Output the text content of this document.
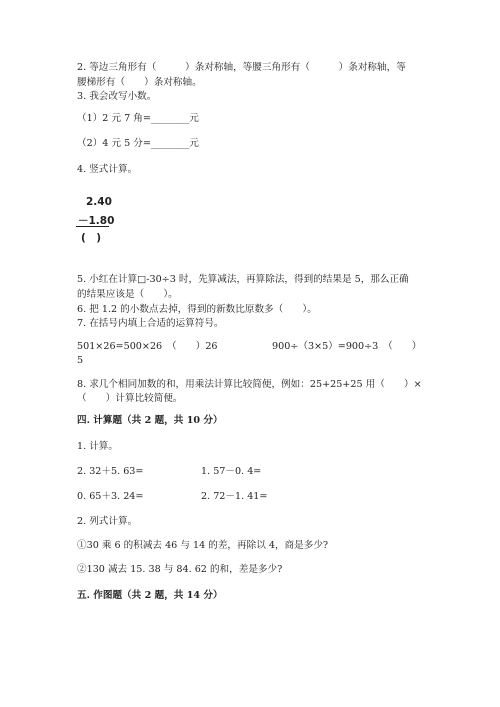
2. 等边三角形有（　　　）条对称轴，等腰三角形有（　　　）条对称轴，等
腰梯形有（　　）条对称轴。
3. 我会改写小数。
（1）2 元 7 角=________元
（2）4 元 5 分=________元
4. 竖式计算。
2.40
－1.80
(　)
5. 小红在计算□-30÷3 时，先算减法，再算除法，得到的结果是 5，那么正确
的结果应该是（　　）。
6. 把 1.2 的小数点去掉，得到的新数比原数多（　　）。
7. 在括号内填上合适的运算符号。
501×26=500×26　（　　）26	900÷（3×5）=900÷3　（　　）
5
8. 求几个相同加数的和，用乘法计算比较简便，例如：25+25+25 用（　　）×
（　　）计算比较简便。
四. 计算题（共 2 题，共 10 分）
1. 计算。
2. 32＋5. 63=	1. 57－0. 4=
0. 65＋3. 24=	2. 72－1. 41=
2. 列式计算。
①30 乘 6 的积减去 46 与 14 的差，再除以 4，商是多少?
②130 减去 15. 38 与 84. 62 的和，差是多少?
五. 作图题（共 2 题，共 14 分）
